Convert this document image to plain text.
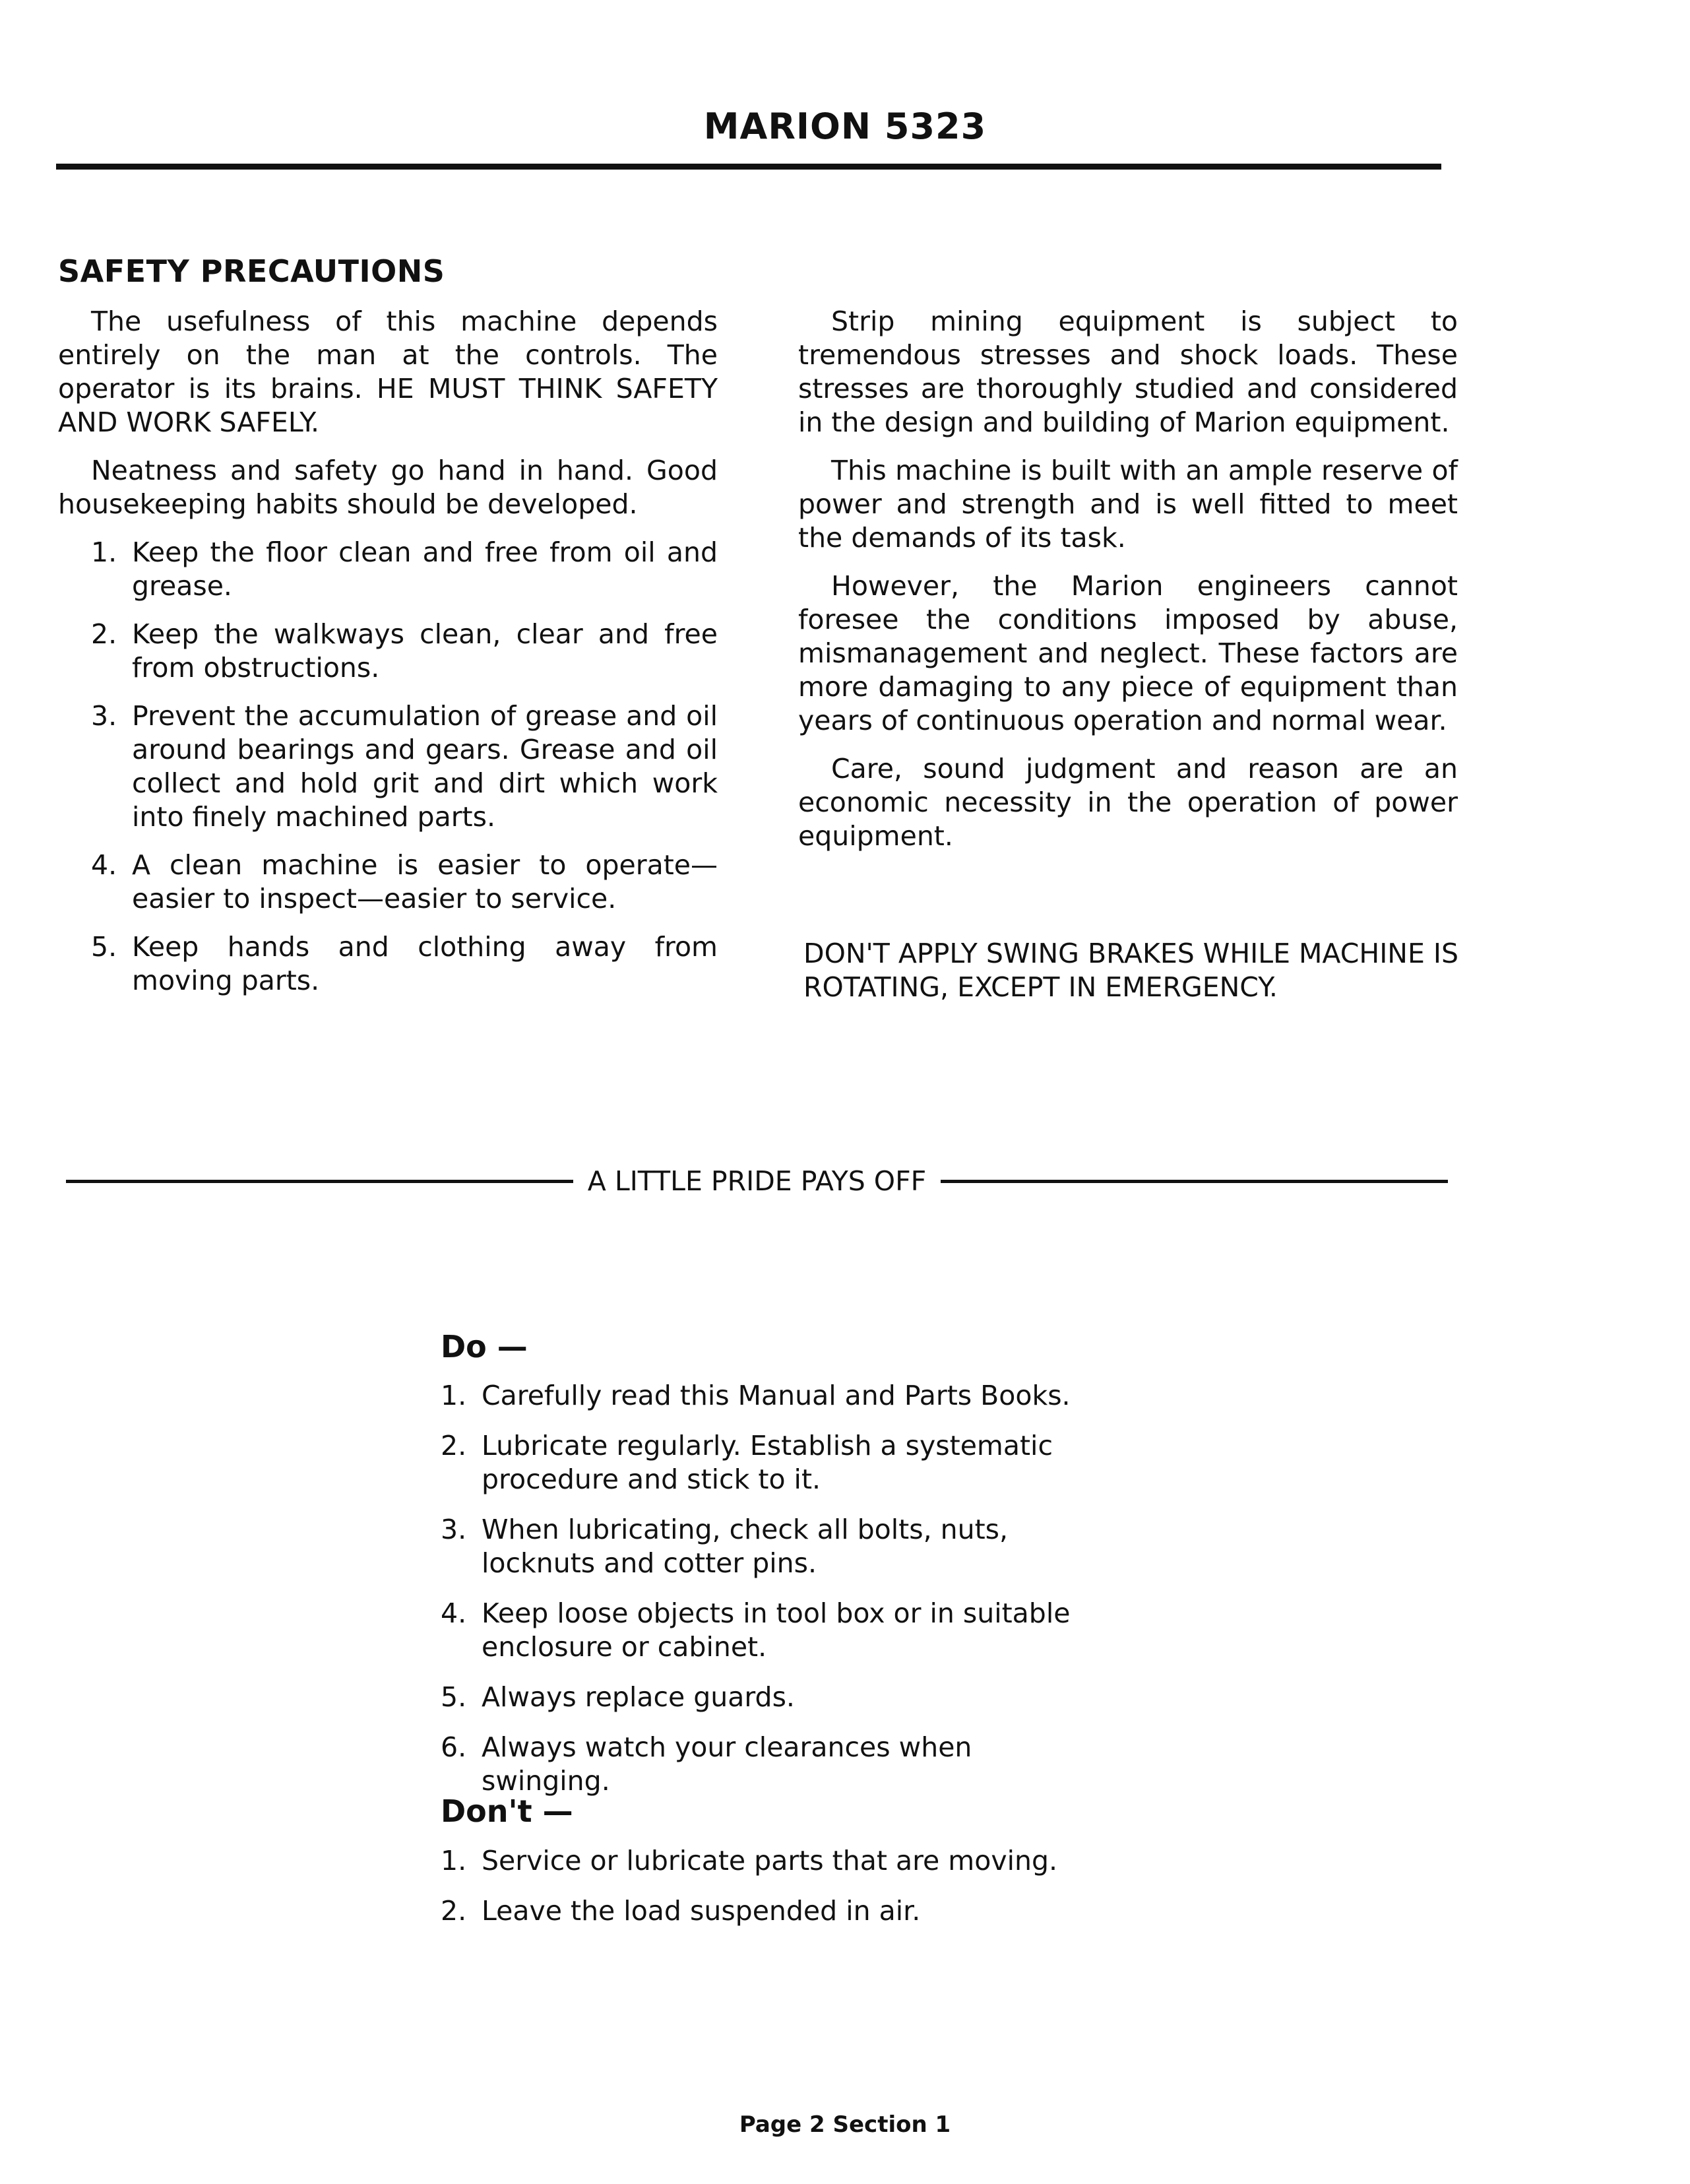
MARION 5323
SAFETY PRECAUTIONS

The usefulness of this machine depends entirely on the man at the controls. The operator is its brains. HE MUST THINK SAFETY AND WORK SAFELY.

Neatness and safety go hand in hand. Good housekeeping habits should be developed.

1. Keep the floor clean and free from oil and grease.
2. Keep the walkways clean, clear and free from obstructions.
3. Prevent the accumulation of grease and oil around bearings and gears. Grease and oil collect and hold grit and dirt which work into finely machined parts.
4. A clean machine is easier to operate—easier to inspect—easier to service.
5. Keep hands and clothing away from moving parts.

Strip mining equipment is subject to tremendous stresses and shock loads. These stresses are thoroughly studied and considered in the design and building of Marion equipment.

This machine is built with an ample reserve of power and strength and is well fitted to meet the demands of its task.

However, the Marion engineers cannot foresee the conditions imposed by abuse, mismanagement and neglect. These factors are more damaging to any piece of equipment than years of continuous operation and normal wear.

Care, sound judgment and reason are an economic necessity in the operation of power equipment.

DON'T APPLY SWING BRAKES WHILE MACHINE IS ROTATING, EXCEPT IN EMERGENCY.
A LITTLE PRIDE PAYS OFF
Do —
1. Carefully read this Manual and Parts Books.
2. Lubricate regularly. Establish a systematic procedure and stick to it.
3. When lubricating, check all bolts, nuts, locknuts and cotter pins.
4. Keep loose objects in tool box or in suitable enclosure or cabinet.
5. Always replace guards.
6. Always watch your clearances when swinging.
Don't —
1. Service or lubricate parts that are moving.
2. Leave the load suspended in air.
Page 2 Section 1
